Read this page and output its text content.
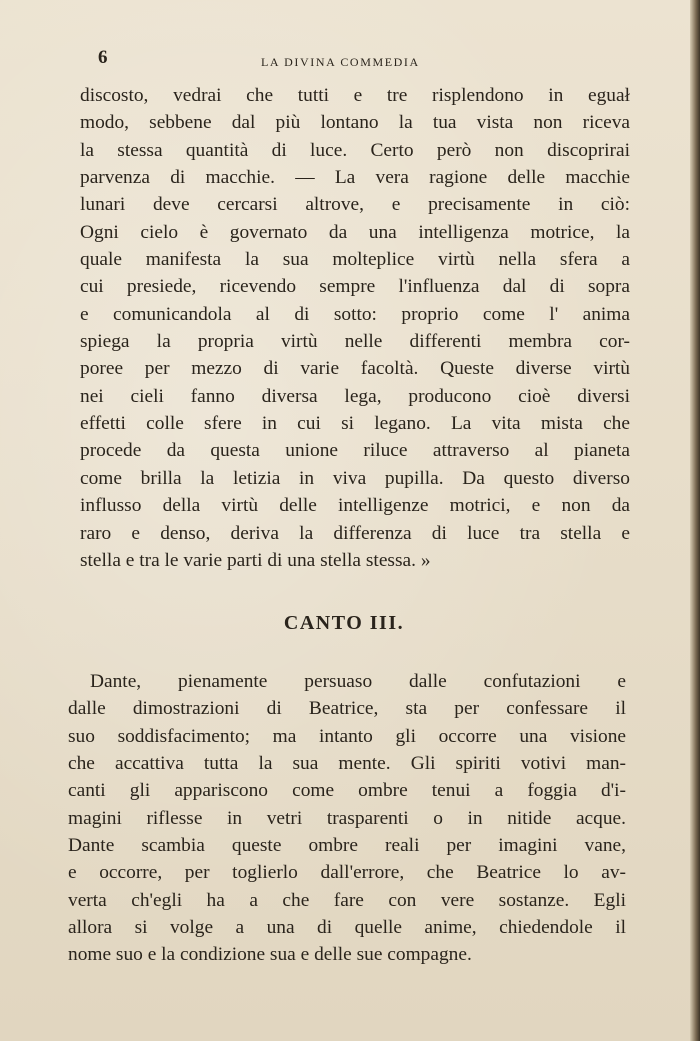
6	LA DIVINA COMMEDIA
discosto, vedrai che tutti e tre risplendono in eguał
modo, sebbene dal più lontano la tua vista non riceva
la stessa quantità di luce. Certo però non discoprirai
parvenza di macchie. — La vera ragione delle macchie
lunari deve cercarsi altrove, e precisamente in ciò:
Ogni cielo è governato da una intelligenza motrice, la
quale manifesta la sua molteplice virtù nella sfera a
cui presiede, ricevendo sempre l'influenza dal di sopra
e comunicandola al di sotto: proprio come l' anima
spiega la propria virtù nelle differenti membra cor-
poree per mezzo di varie facoltà. Queste diverse virtù
nei cieli fanno diversa lega, producono cioè diversi
effetti colle sfere in cui si legano. La vita mista che
procede da questa unione riluce attraverso al pianeta
come brilla la letizia in viva pupilla. Da questo diverso
influsso della virtù delle intelligenze motrici, e non da
raro e denso, deriva la differenza di luce tra stella e
stella e tra le varie parti di una stella stessa. »
CANTO III.
Dante, pienamente persuaso dalle confutazioni e
dalle dimostrazioni di Beatrice, sta per confessare il
suo soddisfacimento; ma intanto gli occorre una visione
che accattiva tutta la sua mente. Gli spiriti votivi man-
canti gli appariscono come ombre tenui a foggia d'i-
magini riflesse in vetri trasparenti o in nitide acque.
Dante scambia queste ombre reali per imagini vane,
e occorre, per toglierlo dall'errore, che Beatrice lo av-
verta ch'egli ha a che fare con vere sostanze. Egli
allora si volge a una di quelle anime, chiedendole il
nome suo e la condizione sua e delle sue compagne.
